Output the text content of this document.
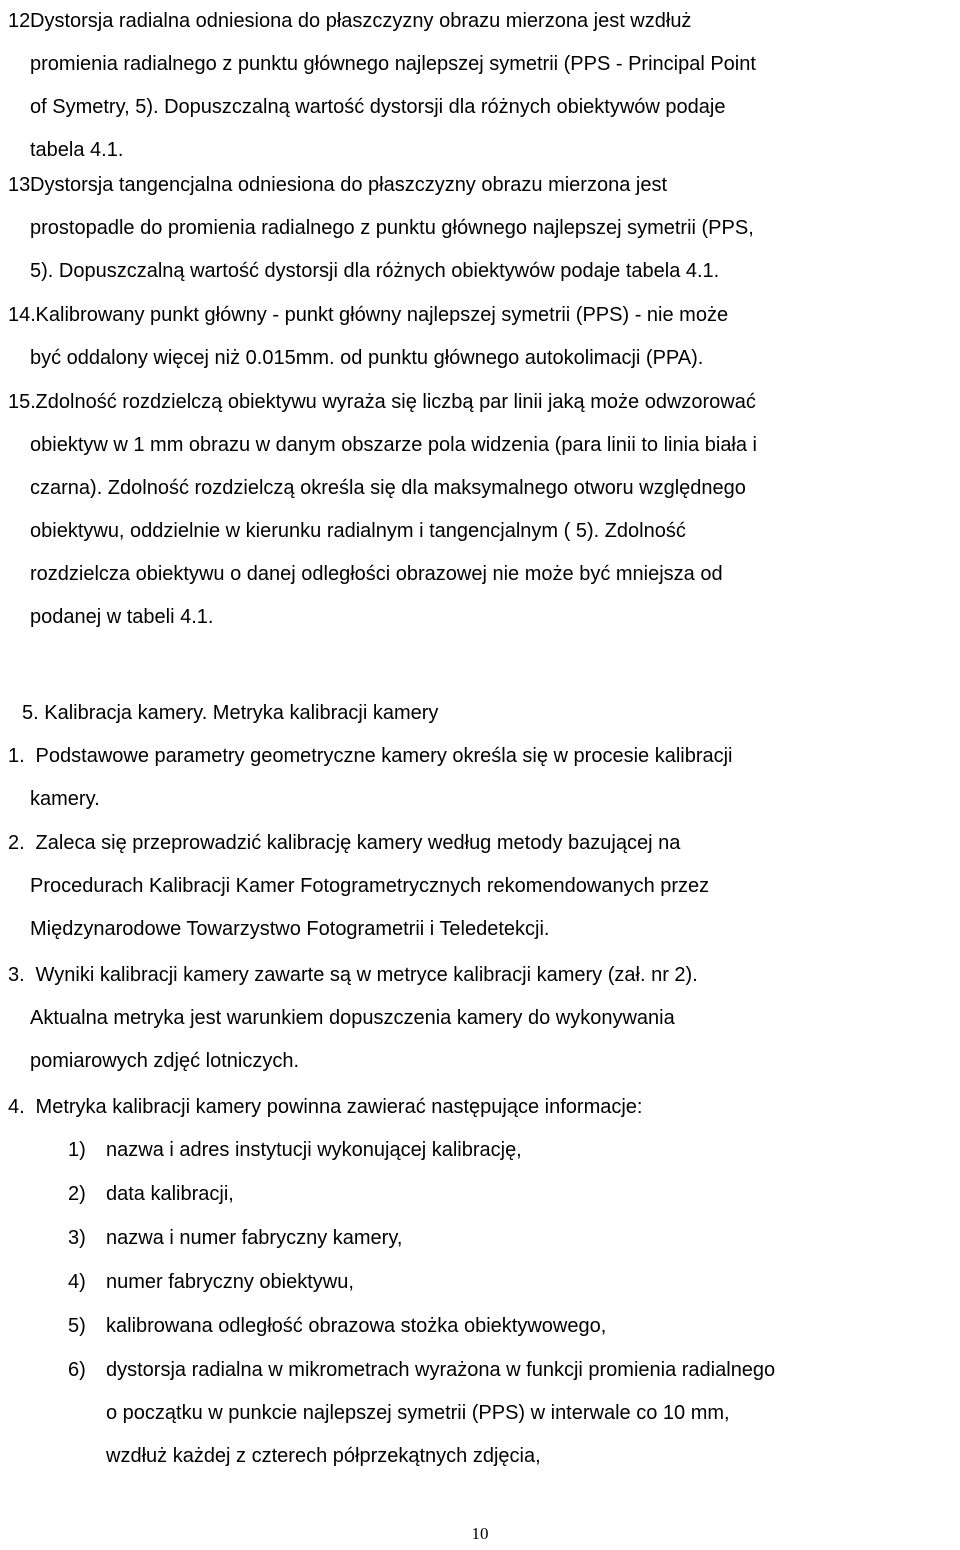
12.Dystorsja radialna odniesiona do płaszczyzny obrazu mierzona jest wzdłuż
promienia radialnego z punktu głównego najlepszej symetrii (PPS - Principal Point
of Symetry, 5). Dopuszczalną wartość dystorsji dla różnych obiektywów podaje
tabela 4.1.
13.Dystorsja tangencjalna odniesiona do płaszczyzny obrazu mierzona jest
prostopadle do promienia radialnego z punktu głównego najlepszej symetrii (PPS,
5). Dopuszczalną wartość dystorsji dla różnych obiektywów podaje tabela 4.1.
14. Kalibrowany punkt główny - punkt główny najlepszej symetrii (PPS) - nie może
być oddalony więcej niż 0.015mm. od punktu głównego autokolimacji (PPA).
15. Zdolność rozdzielczą obiektywu wyraża się liczbą par linii jaką może odwzorować
obiektyw w 1 mm obrazu w danym obszarze pola widzenia (para linii to linia biała i
czarna). Zdolność rozdzielczą określa się dla maksymalnego otworu względnego
obiektywu, oddzielnie w kierunku radialnym i tangencjalnym ( 5). Zdolność
rozdzielcza obiektywu o danej odległości obrazowej nie może być mniejsza od
podanej w tabeli 4.1.
5. Kalibracja kamery. Metryka kalibracji kamery
1. Podstawowe parametry geometryczne kamery określa się w procesie kalibracji
kamery.
2. Zaleca się przeprowadzić kalibrację kamery według metody bazującej na
Procedurach Kalibracji Kamer Fotogrametrycznych rekomendowanych przez
Międzynarodowe Towarzystwo Fotogrametrii i Teledetekcji.
3. Wyniki kalibracji kamery zawarte są w metryce kalibracji kamery (zał. nr 2).
Aktualna metryka jest warunkiem dopuszczenia kamery do wykonywania
pomiarowych zdjęć lotniczych.
4. Metryka kalibracji kamery powinna zawierać następujące informacje:
1) nazwa i adres instytucji wykonującej kalibrację,
2) data kalibracji,
3) nazwa i numer fabryczny kamery,
4) numer fabryczny obiektywu,
5) kalibrowana odległość obrazowa stożka obiektywowego,
6) dystorsja radialna w mikrometrach wyrażona w funkcji promienia radialnego
o początku w punkcie najlepszej symetrii (PPS) w interwale co 10 mm,
wzdłuż każdej z czterech półprzekątnych zdjęcia,
10
